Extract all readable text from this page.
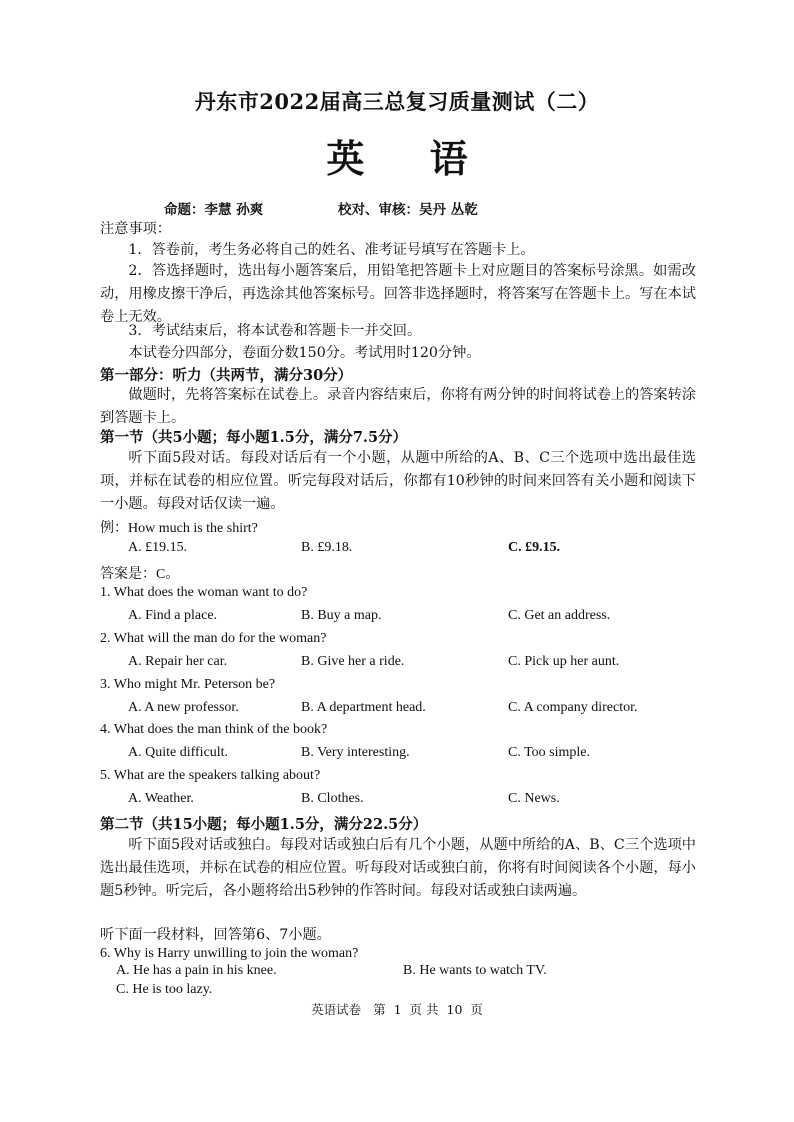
丹东市2022届高三总复习质量测试（二）
英 语
命题：李慧 孙爽	校对、审核：吴丹 丛乾
注意事项：
1．答卷前，考生务必将自己的姓名、准考证号填写在答题卡上。
2．答选择题时，选出每小题答案后，用铅笔把答题卡上对应题目的答案标号涂黑。如需改动，用橡皮擦干净后，再选涂其他答案标号。回答非选择题时，将答案写在答题卡上。写在本试卷上无效。
3．考试结束后，将本试卷和答题卡一并交回。
本试卷分四部分，卷面分数150分。考试用时120分钟。
第一部分：听力（共两节，满分30分）
做题时，先将答案标在试卷上。录音内容结束后，你将有两分钟的时间将试卷上的答案转涂到答题卡上。
第一节（共5小题；每小题1.5分，满分7.5分）
听下面5段对话。每段对话后有一个小题，从题中所给的A、B、C三个选项中选出最佳选项，并标在试卷的相应位置。听完每段对话后，你都有10秒钟的时间来回答有关小题和阅读下一小题。每段对话仅读一遍。
例：How much is the shirt?
A. £19.15.	B. £9.18.	C. £9.15.
答案是：C。
1. What does the woman want to do?
A. Find a place.	B. Buy a map.	C. Get an address.
2. What will the man do for the woman?
A. Repair her car.	B. Give her a ride.	C. Pick up her aunt.
3. Who might Mr. Peterson be?
A. A new professor.	B. A department head.	C. A company director.
4. What does the man think of the book?
A. Quite difficult.	B. Very interesting.	C. Too simple.
5. What are the speakers talking about?
A. Weather.	B. Clothes.	C. News.
第二节（共15小题；每小题1.5分，满分22.5分）
听下面5段对话或独白。每段对话或独白后有几个小题，从题中所给的A、B、C三个选项中选出最佳选项，并标在试卷的相应位置。听每段对话或独白前，你将有时间阅读各个小题，每小题5秒钟。听完后，各小题将给出5秒钟的作答时间。每段对话或独白读两遍。
听下面一段材料，回答第6、7小题。
6. Why is Harry unwilling to join the woman?
A. He has a pain in his knee.	B. He wants to watch TV.
C. He is too lazy.
英语试卷 第 1 页 共 10 页
